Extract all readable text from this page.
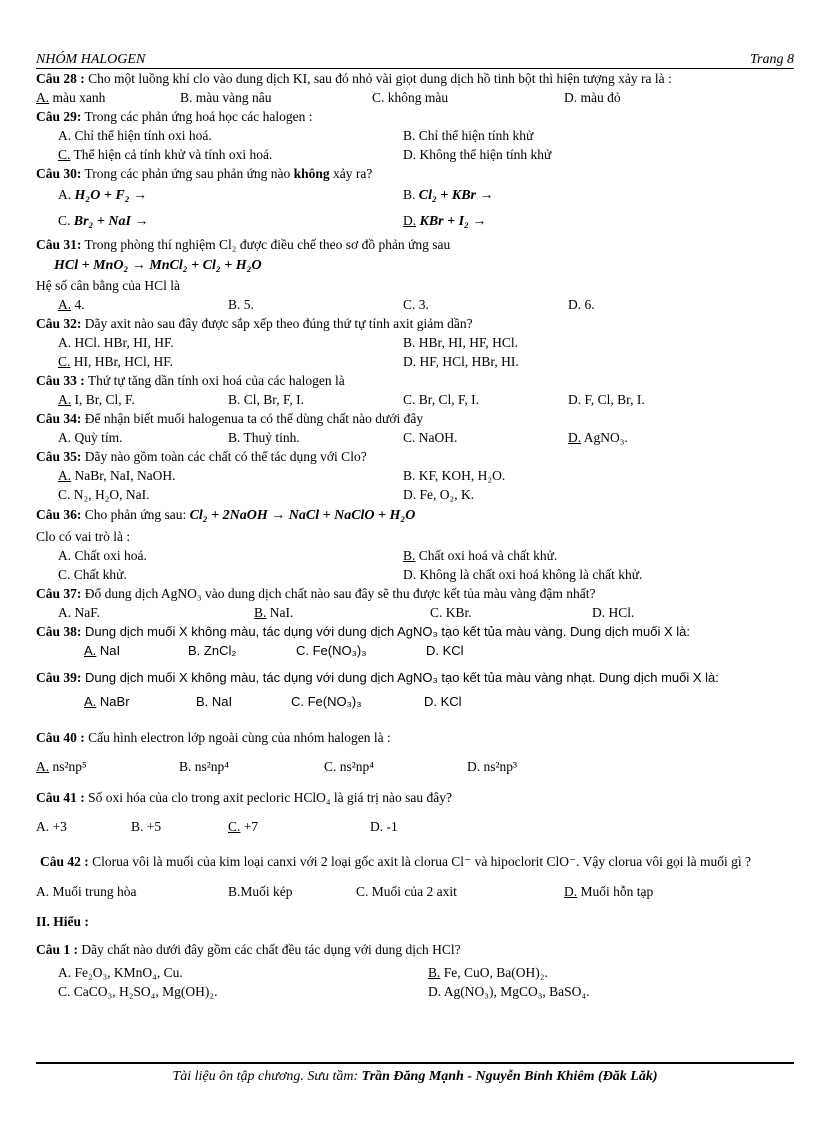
NHÓM HALOGEN	Trang 8
Câu 28 : Cho một luồng khí clo vào dung dịch KI, sau đó nhỏ vài giọt dung dịch hồ tinh bột thì hiện tượng xảy ra là :
A. màu xanh	B. màu vàng nâu	C. không màu	D. màu đỏ
Câu 29: Trong các phản ứng hoá học các halogen :
A. Chỉ thể hiện tính oxi hoá.	B. Chỉ thể hiện tính khử
C. Thể hiện cả tính khử và tính oxi hoá.	D. Không thể hiện tính khử
Câu 30: Trong các phản ứng sau phản ứng nào không xảy ra?
A. H₂O + F₂ →	B. Cl₂ + KBr →
C. Br₂ + NaI →	D. KBr + I₂ →
Câu 31: Trong phòng thí nghiệm Cl₂ được điều chế theo sơ đồ phản ứng sau
HCl + MnO₂ → MnCl₂ + Cl₂ + H₂O
Hệ số cân bằng của HCl là
A. 4.	B. 5.	C. 3.	D. 6.
Câu 32: Dãy axit nào sau đây được sắp xếp theo đúng thứ tự tính axit giảm dần?
A. HCl. HBr, HI, HF.	B. HBr, HI, HF, HCl.
C. HI, HBr, HCl, HF.	D. HF, HCl, HBr, HI.
Câu 33 : Thứ tự tăng dần tính oxi hoá của các halogen là
A. I, Br, Cl, F.	B. Cl, Br, F, I.	C. Br, Cl, F, I.	D. F, Cl, Br, I.
Câu 34: Để nhận biết muối halogenua ta có thể dùng chất nào dưới đây
A. Quỳ tím.	B. Thuỷ tinh.	C. NaOH.	D. AgNO₃.
Câu 35: Dãy nào gồm toàn các chất có thể tác dụng với Clo?
A. NaBr, NaI, NaOH.	B. KF, KOH, H₂O.
C. N₂, H₂O, NaI.	D. Fe, O₂, K.
Câu 36: Cho phản ứng sau: Cl₂ + 2NaOH → NaCl + NaClO + H₂O
Clo có vai trò là :
A. Chất oxi hoá.	B. Chất oxi hoá và chất khử.
C. Chất khử.	D. Không là chất oxi hoá không là chất khử.
Câu 37: Đổ dung dịch AgNO₃ vào dung dịch chất nào sau đây sẽ thu được kết tủa màu vàng đậm nhất?
A. NaF.	B. NaI.	C. KBr.	D. HCl.
Câu 38: Dung dịch muối X không màu, tác dụng với dung dịch AgNO₃ tạo kết tủa màu vàng. Dung dịch muối X là:
A. NaI	B. ZnCl₂	C. Fe(NO₃)₃	D. KCl
Câu 39: Dung dịch muối X không màu, tác dụng với dung dịch AgNO₃ tạo kết tủa màu vàng nhạt. Dung dịch muối X là:
A. NaBr	B. NaI	C. Fe(NO₃)₃	D. KCl
Câu 40 : Cấu hình electron lớp ngoài cùng của nhóm halogen là :
A. ns²np⁵	B. ns²np⁴	C. ns²np⁴	D. ns²np³
Câu 41 : Số oxi hóa của clo trong axit pecloric HClO₄ là giá trị nào sau đây?
A. +3	B. +5	C. +7	D. -1
Câu 42 : Clorua vôi là muối của kim loại canxi với 2 loại gốc axit là clorua Cl⁻ và hipoclorit ClO⁻. Vậy clorua vôi gọi là muối gì ?
A. Muối trung hòa	B.Muối kép	C. Muối của 2 axit	D. Muối hỗn tạp
II. Hiểu :
Câu 1 : Dãy chất nào dưới đây gồm các chất đều tác dụng với dung dịch HCl?
A. Fe₂O₃, KMnO₄, Cu.	B. Fe, CuO, Ba(OH)₂.
C. CaCO₃, H₂SO₄, Mg(OH)₂.	D. Ag(NO₃), MgCO₃, BaSO₄.
Tài liệu ôn tập chương. Sưu tầm: Trần Đăng Mạnh - Nguyễn Bỉnh Khiêm (Đăk Lăk)
